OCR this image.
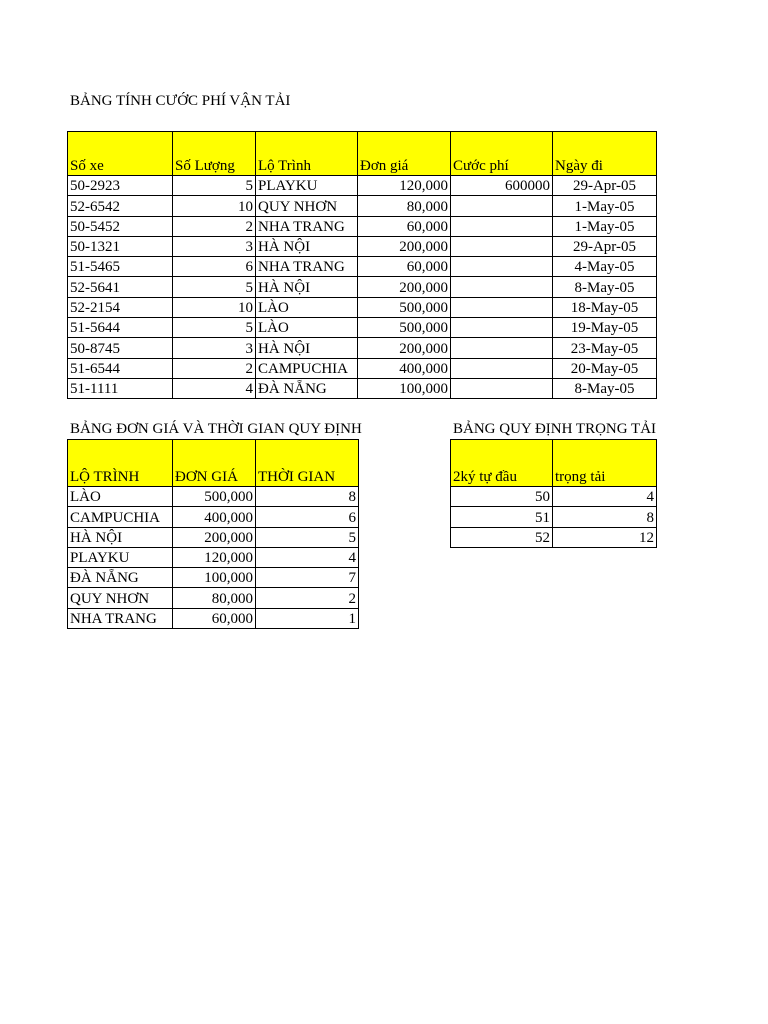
BẢNG TÍNH CƯỚC PHÍ VẬN TẢI
Số xe	Số Lượng	Lộ Trình	Đơn giá	Cước phí	Ngày đi
50-2923	5	PLAYKU	120,000	600000	29-Apr-05
52-6542	10	QUY NHƠN	80,000		1-May-05
50-5452	2	NHA TRANG	60,000		1-May-05
50-1321	3	HÀ NỘI	200,000		29-Apr-05
51-5465	6	NHA TRANG	60,000		4-May-05
52-5641	5	HÀ NỘI	200,000		8-May-05
52-2154	10	LÀO	500,000		18-May-05
51-5644	5	LÀO	500,000		19-May-05
50-8745	3	HÀ NỘI	200,000		23-May-05
51-6544	2	CAMPUCHIA	400,000		20-May-05
51-1111	4	ĐÀ NẴNG	100,000		8-May-05
BẢNG ĐƠN GIÁ VÀ THỜI GIAN QUY ĐỊNH	BẢNG QUY ĐỊNH TRỌNG TẢI
LỘ TRÌNH	ĐƠN GIÁ	THỜI GIAN
LÀO	500,000	8
CAMPUCHIA	400,000	6
HÀ NỘI	200,000	5
PLAYKU	120,000	4
ĐÀ NẴNG	100,000	7
QUY NHƠN	80,000	2
NHA TRANG	60,000	1
2ký tự đầu	trọng tải
50	4
51	8
52	12
